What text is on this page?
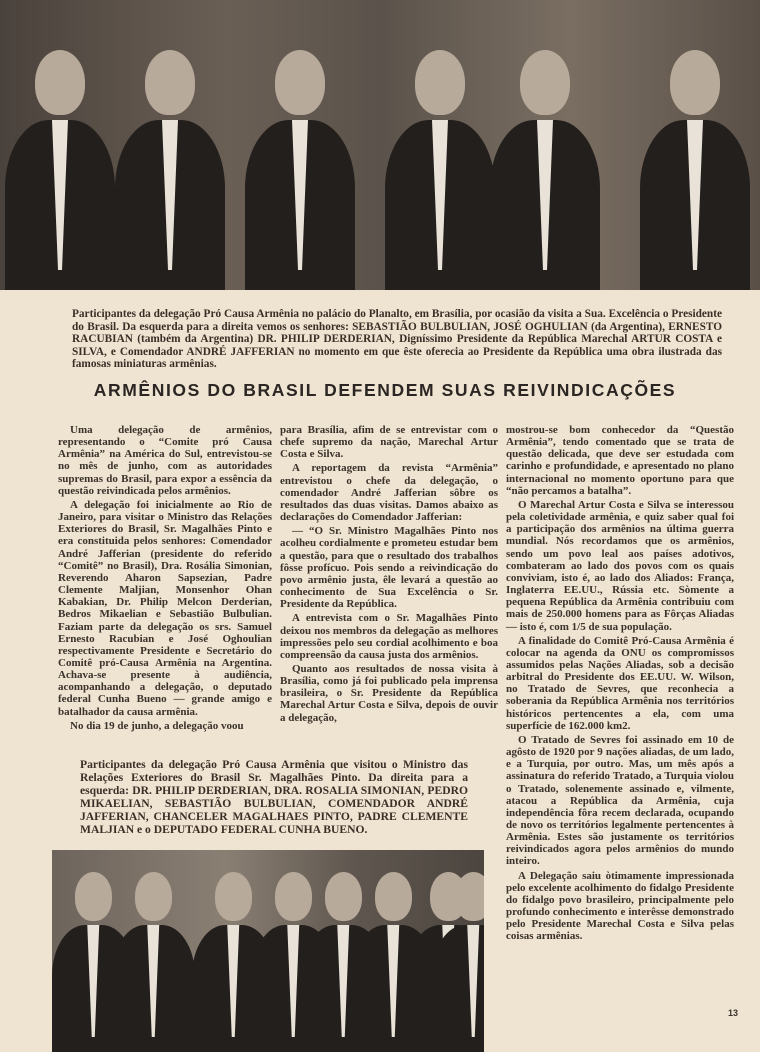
Participantes da delegação Pró Causa Armênia no palácio do Planalto, em Brasília, por ocasião da visita a Sua. Excelência o Presidente do Brasil. Da esquerda para a direita vemos os senhores: SEBASTIÃO BULBULIAN, JOSÉ OGHULIAN (da Argentina), ERNESTO RACUBIAN (também da Argentina) DR. PHILIP DERDERIAN, Digníssimo Presidente da República Marechal ARTUR COSTA e SILVA, e Comendador ANDRÉ JAFFERIAN no momento em que êste oferecia ao Presidente da República uma obra ilustrada das famosas miniaturas armênias.
ARMÊNIOS DO BRASIL DEFENDEM SUAS REIVINDICAÇÕES

Uma delegação de armênios, representando o “Comite pró Causa Armênia” na América do Sul, entrevistou-se no mês de junho, com as autoridades supremas do Brasil, para expor a essência da questão reivindicada pelos armênios.

A delegação foi inicialmente ao Rio de Janeiro, para visitar o Ministro das Relações Exteriores do Brasil, Sr. Magalhães Pinto e era constituida pelos senhores: Comendador André Jafferian (presidente do referido “Comitê” no Brasil), Dra. Rosália Simonian, Reverendo Aharon Sapsezian, Padre Clemente Maljian, Monsenhor Ohan Kabakian, Dr. Philip Melcon Derderian, Bedros Mikaelian e Sebastião Bulbulian. Faziam parte da delegação os srs. Samuel Ernesto Racubian e José Oghoulian respectivamente Presidente e Secretário do Comitê pró-Causa Armênia na Argentina. Achava-se presente à audiência, acompanhando a delegação, o deputado federal Cunha Bueno — grande amigo e batalhador da causa armênia.

No dia 19 de junho, a delegação voou

para Brasília, afim de se entrevistar com o chefe supremo da nação, Marechal Artur Costa e Silva.

A reportagem da revista “Armênia” entrevistou o chefe da delegação, o comendador André Jafferian sôbre os resultados das duas visitas. Damos abaixo as declarações do Comendador Jafferian:

— “O Sr. Ministro Magalhães Pinto nos acolheu cordialmente e prometeu estudar bem a questão, para que o resultado dos trabalhos fôsse profícuo. Pois sendo a reivindicação do povo armênio justa, êle levará a questão ao conhecimento de Sua Excelência o Sr. Presidente da República.

A entrevista com o Sr. Magalhães Pinto deixou nos membros da delegação as melhores impressões pelo seu cordial acolhimento e boa compreensão da causa justa dos armênios.

Quanto aos resultados de nossa visita à Brasília, como já foi publicado pela imprensa brasileira, o Sr. Presidente da República Marechal Artur Costa e Silva, depois de ouvir a delegação,

mostrou-se bom conhecedor da “Questão Armênia”, tendo comentado que se trata de questão delicada, que deve ser estudada com carinho e profundidade, e apresentado no plano internacional no momento oportuno para que “não percamos a batalha”.

O Marechal Artur Costa e Silva se interessou pela coletividade armênia, e quiz saber qual foi a participação dos armênios na última guerra mundial. Nós recordamos que os armênios, sendo um povo leal aos países adotivos, combateram ao lado dos povos com os quais conviviam, isto é, ao lado dos Aliados: França, Inglaterra EE.UU., Rússia etc. Sòmente a pequena República da Armênia contribuiu com mais de 250.000 homens para as Fôrças Aliadas — isto é, com 1/5 de sua população.

A finalidade do Comitê Pró-Causa Armênia é colocar na agenda da ONU os compromissos assumidos pelas Nações Aliadas, sob a decisão arbitral do Presidente dos EE.UU. W. Wilson, no Tratado de Sevres, que reconhecia a soberania da República Armênia nos territórios históricos pertencentes a ela, com uma superfície de 162.000 km2.

O Tratado de Sevres foi assinado em 10 de agôsto de 1920 por 9 nações aliadas, de um lado, e a Turquia, por outro. Mas, um mês após a assinatura do referido Tratado, a Turquia violou o Tratado, solenemente assinado e, vilmente, atacou a República da Armênia, cuja independência fôra recem declarada, ocupando de novo os territórios legalmente pertencentes à Armênia. Estes são justamente os territórios reivindicados agora pelos armênios do mundo inteiro.

A Delegação saiu òtimamente impressionada pelo excelente acolhimento do fidalgo Presidente do fidalgo povo brasileiro, principalmente pelo profundo conhecimento e interêsse demonstrado pelo Presidente Marechal Costa e Silva pelas coisas armênias.

Participantes da delegação Pró Causa Armênia que visitou o Ministro das Relações Exteriores do Brasil Sr. Magalhães Pinto. Da direita para a esquerda: DR. PHILIP DERDERIAN, DRA. ROSALIA SIMONIAN, PEDRO MIKAELIAN, SEBASTIÃO BULBULIAN, COMENDADOR ANDRÉ JAFFERIAN, CHANCELER MAGALHAES PINTO, PADRE CLEMENTE MALJIAN e o DEPUTADO FEDERAL CUNHA BUENO.
13
